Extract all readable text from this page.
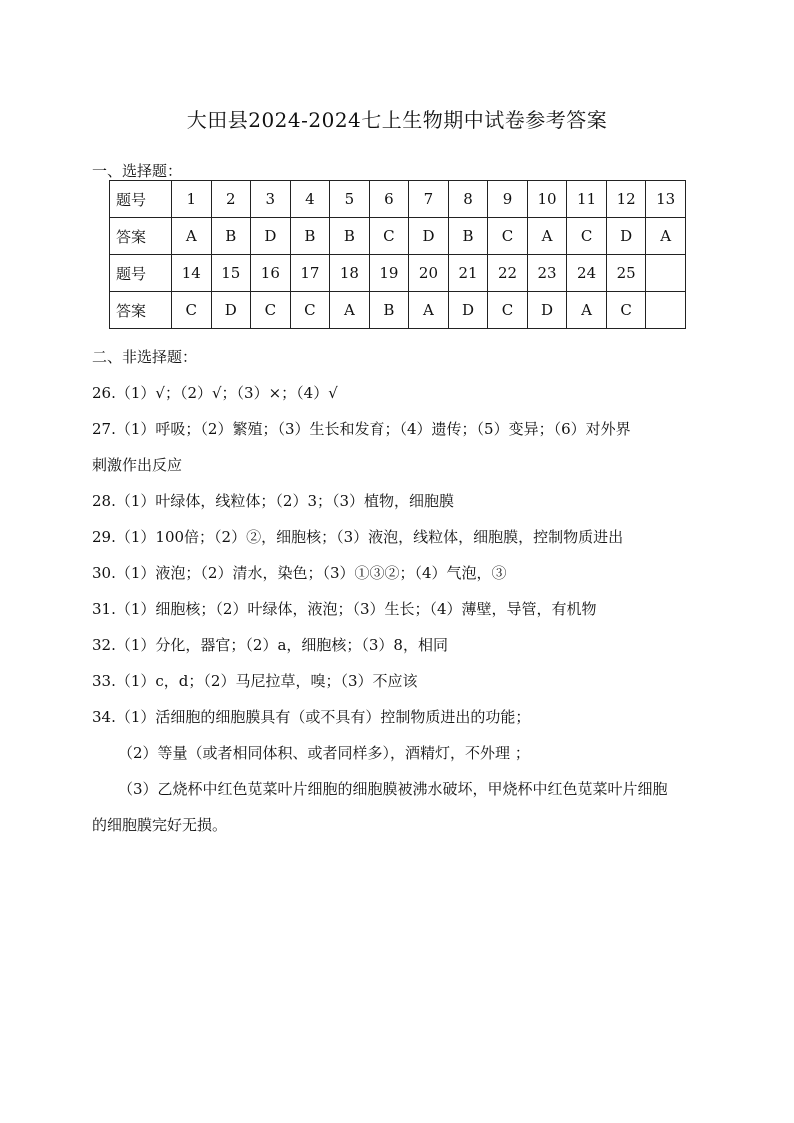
大田县2024-2024七上生物期中试卷参考答案
一、选择题：
题号	1	2	3	4	5	6	7	8	9	10	11	12	13
答案	A	B	D	B	B	C	D	B	C	A	C	D	A
题号	14	15	16	17	18	19	20	21	22	23	24	25	
答案	C	D	C	C	A	B	A	D	C	D	A	C	
二、非选择题：
26.（1）√；（2）√；（3）×；（4）√
27.（1）呼吸；（2）繁殖；（3）生长和发育；（4）遗传；（5）变异；（6）对外界
刺激作出反应
28.（1）叶绿体，线粒体；（2）3；（3）植物，细胞膜
29.（1）100倍；（2）②，细胞核；（3）液泡，线粒体，细胞膜，控制物质进出
30.（1）液泡；（2）清水，染色；（3）①③②；（4）气泡，③
31.（1）细胞核；（2）叶绿体，液泡；（3）生长；（4）薄壁，导管，有机物
32.（1）分化，器官；（2）a，细胞核；（3）8，相同
33.（1）c，d；（2）马尼拉草，嗅；（3）不应该
34.（1）活细胞的细胞膜具有（或不具有）控制物质进出的功能；
（2）等量（或者相同体积、或者同样多），酒精灯，不外理 ；
（3）乙烧杯中红色苋菜叶片细胞的细胞膜被沸水破坏，甲烧杯中红色苋菜叶片细胞
的细胞膜完好无损。
